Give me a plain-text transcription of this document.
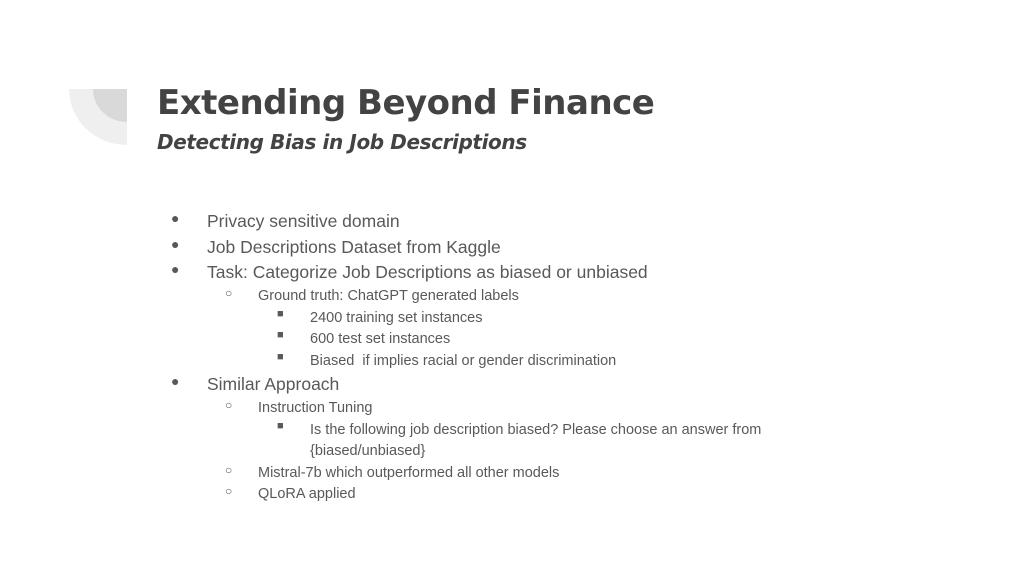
Extending Beyond Finance
Detecting Bias in Job Descriptions
● Privacy sensitive domain
● Job Descriptions Dataset from Kaggle
● Task: Categorize Job Descriptions as biased or unbiased
○ Ground truth: ChatGPT generated labels
■ 2400 training set instances
■ 600 test set instances
■ Biased  if implies racial or gender discrimination
● Similar Approach
○ Instruction Tuning
■ Is the following job description biased? Please choose an answer from
{biased/unbiased}
○ Mistral-7b which outperformed all other models
○ QLoRA applied
